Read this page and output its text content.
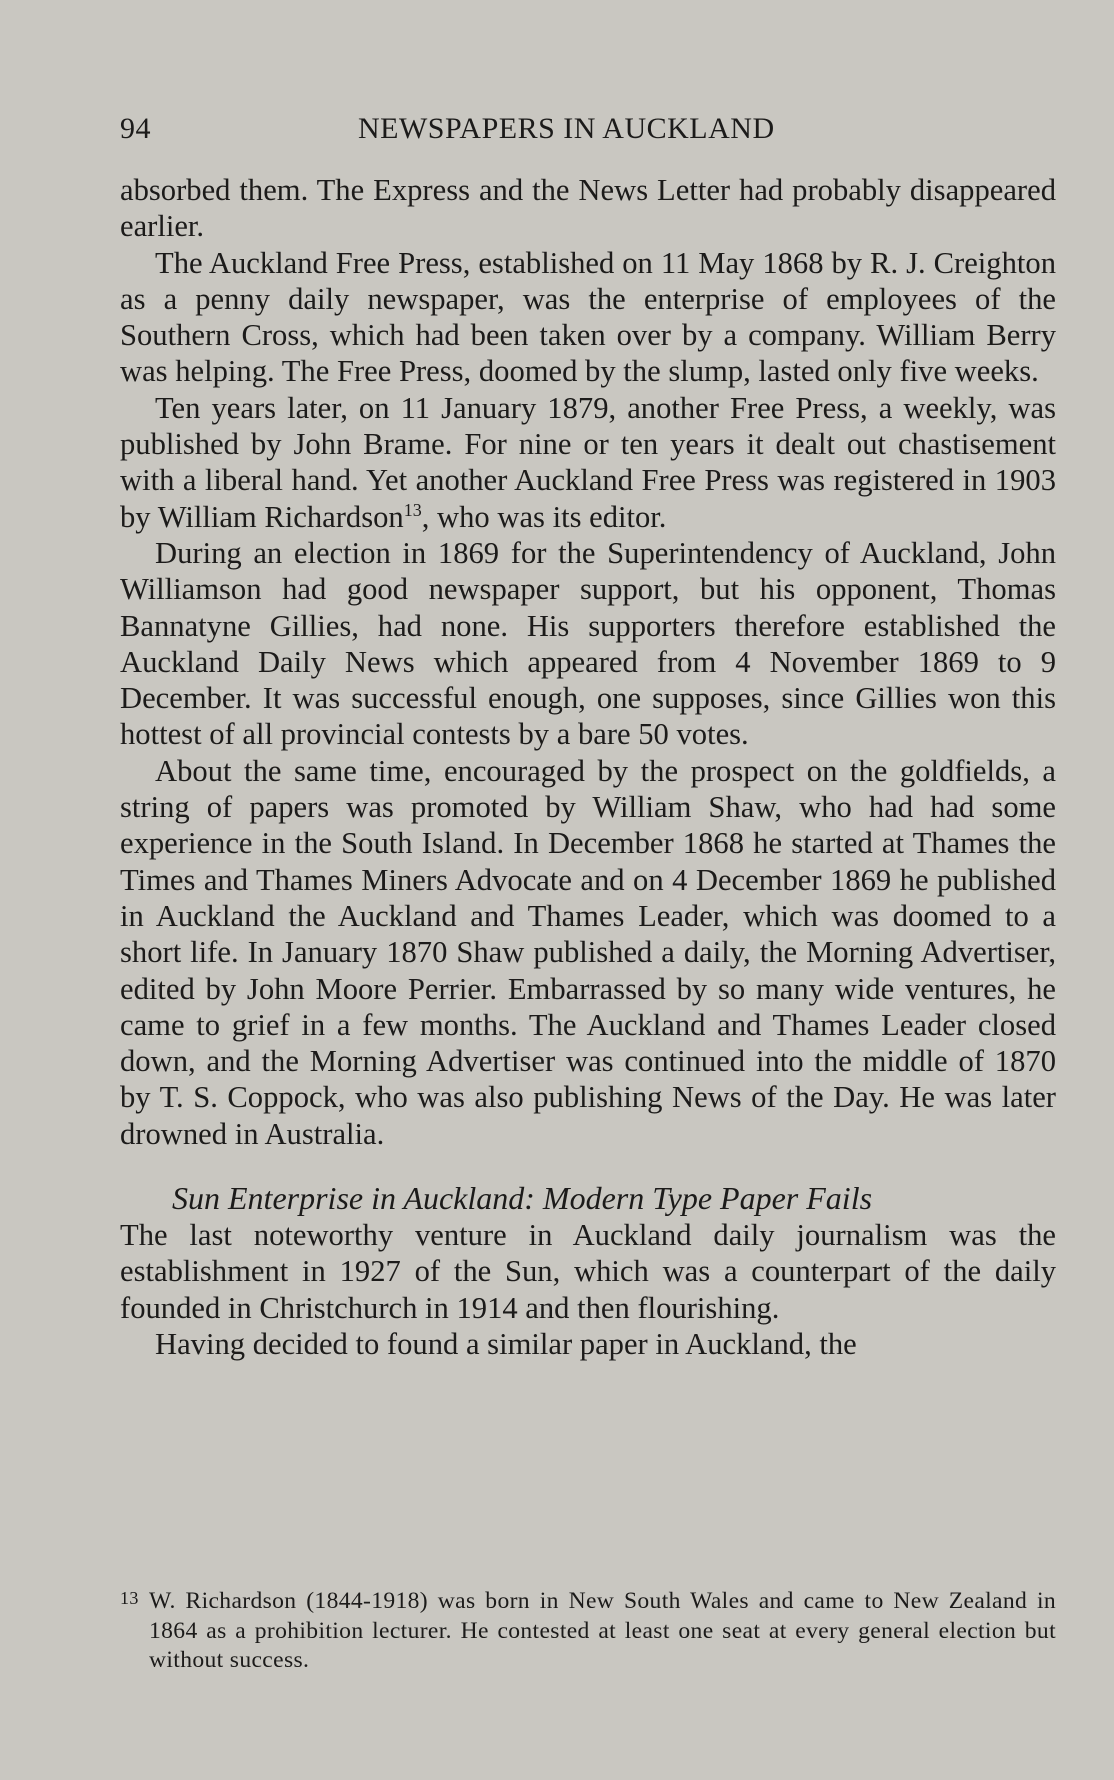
94	NEWSPAPERS IN AUCKLAND

absorbed them. The Express and the News Letter had probably disappeared earlier.

The Auckland Free Press, established on 11 May 1868 by R. J. Creighton as a penny daily newspaper, was the enterprise of employees of the Southern Cross, which had been taken over by a company. William Berry was helping. The Free Press, doomed by the slump, lasted only five weeks.

Ten years later, on 11 January 1879, another Free Press, a weekly, was published by John Brame. For nine or ten years it dealt out chastisement with a liberal hand. Yet another Auckland Free Press was registered in 1903 by William Richardson$^{13}$, who was its editor.

During an election in 1869 for the Superintendency of Auckland, John Williamson had good newspaper support, but his opponent, Thomas Bannatyne Gillies, had none. His supporters therefore established the Auckland Daily News which appeared from 4 November 1869 to 9 December. It was successful enough, one supposes, since Gillies won this hottest of all provincial contests by a bare 50 votes.

About the same time, encouraged by the prospect on the goldfields, a string of papers was promoted by William Shaw, who had had some experience in the South Island. In December 1868 he started at Thames the Times and Thames Miners Advocate and on 4 December 1869 he published in Auckland the Auckland and Thames Leader, which was doomed to a short life. In January 1870 Shaw published a daily, the Morning Advertiser, edited by John Moore Perrier. Embarrassed by so many wide ventures, he came to grief in a few months. The Auckland and Thames Leader closed down, and the Morning Advertiser was continued into the middle of 1870 by T. S. Coppock, who was also publishing News of the Day. He was later drowned in Australia.

Sun Enterprise in Auckland: Modern Type Paper Fails

The last noteworthy venture in Auckland daily journalism was the establishment in 1927 of the Sun, which was a counterpart of the daily founded in Christchurch in 1914 and then flourishing.

Having decided to found a similar paper in Auckland, the

13 W. Richardson (1844-1918) was born in New South Wales and came to New Zealand in 1864 as a prohibition lecturer. He contested at least one seat at every general election but without success.
